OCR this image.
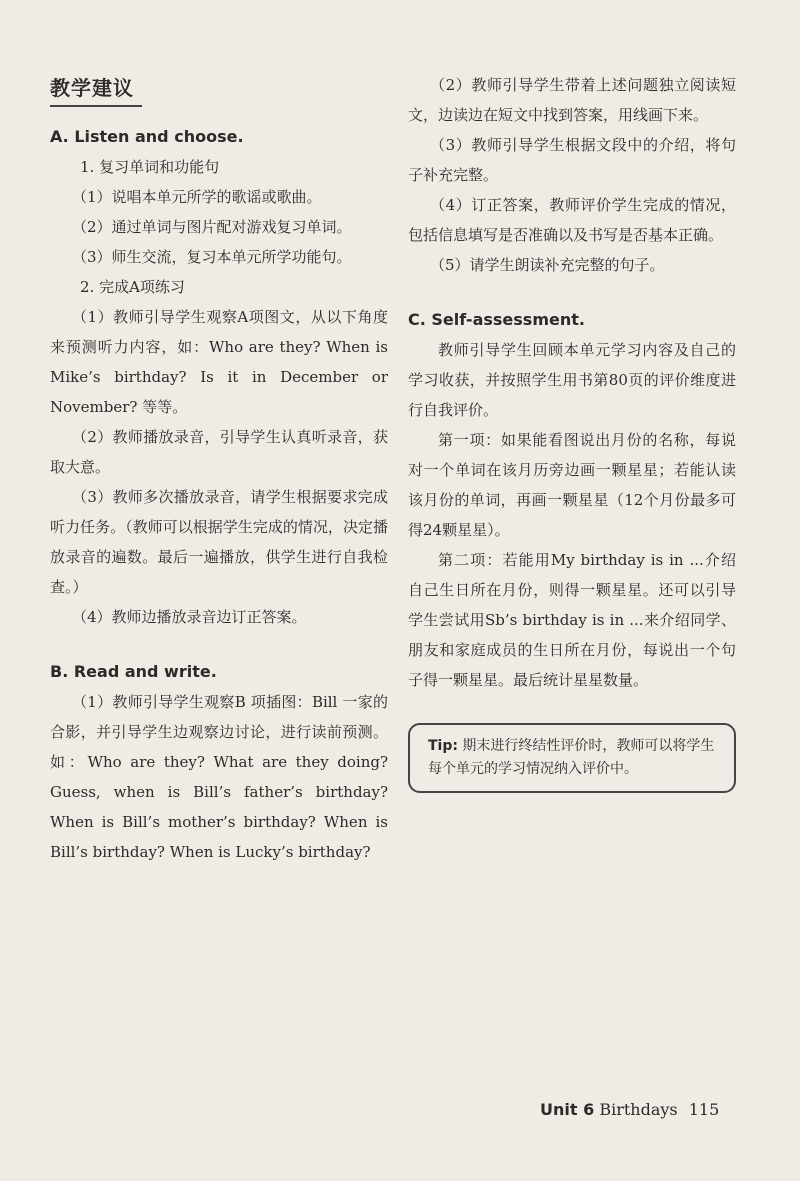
教学建议
A. Listen and choose.

1. 复习单词和功能句

（1）说唱本单元所学的歌谣或歌曲。

（2）通过单词与图片配对游戏复习单词。

（3）师生交流，复习本单元所学功能句。

2. 完成A项练习

（1）教师引导学生观察A项图文，从以下角度来预测听力内容，如：Who are they? When is Mike’s birthday? Is it in December or November? 等等。

（2）教师播放录音，引导学生认真听录音，获取大意。

（3）教师多次播放录音，请学生根据要求完成听力任务。（教师可以根据学生完成的情况，决定播放录音的遍数。最后一遍播放，供学生进行自我检查。）

（4）教师边播放录音边订正答案。

B. Read and write.

（1）教师引导学生观察B 项插图：Bill 一家的合影，并引导学生边观察边讨论，进行读前预测。如：Who are they? What are they doing? Guess, when is Bill’s father’s birthday? When is Bill’s mother’s birthday? When is Bill’s birthday? When is Lucky’s birthday?

（2）教师引导学生带着上述问题独立阅读短文，边读边在短文中找到答案，用线画下来。

（3）教师引导学生根据文段中的介绍，将句子补充完整。

（4）订正答案，教师评价学生完成的情况，包括信息填写是否准确以及书写是否基本正确。

（5）请学生朗读补充完整的句子。

C. Self-assessment.

教师引导学生回顾本单元学习内容及自己的学习收获，并按照学生用书第80页的评价维度进行自我评价。

第一项：如果能看图说出月份的名称，每说对一个单词在该月历旁边画一颗星星；若能认读该月份的单词，再画一颗星星（12个月份最多可得24颗星星）。

第二项：若能用My birthday is in ...介绍自己生日所在月份，则得一颗星星。还可以引导学生尝试用Sb’s birthday is in ...来介绍同学、朋友和家庭成员的生日所在月份，每说出一个句子得一颗星星。最后统计星星数量。

Tip: 期末进行终结性评价时，教师可以将学生每个单元的学习情况纳入评价中。
Unit 6 Birthdays 115
